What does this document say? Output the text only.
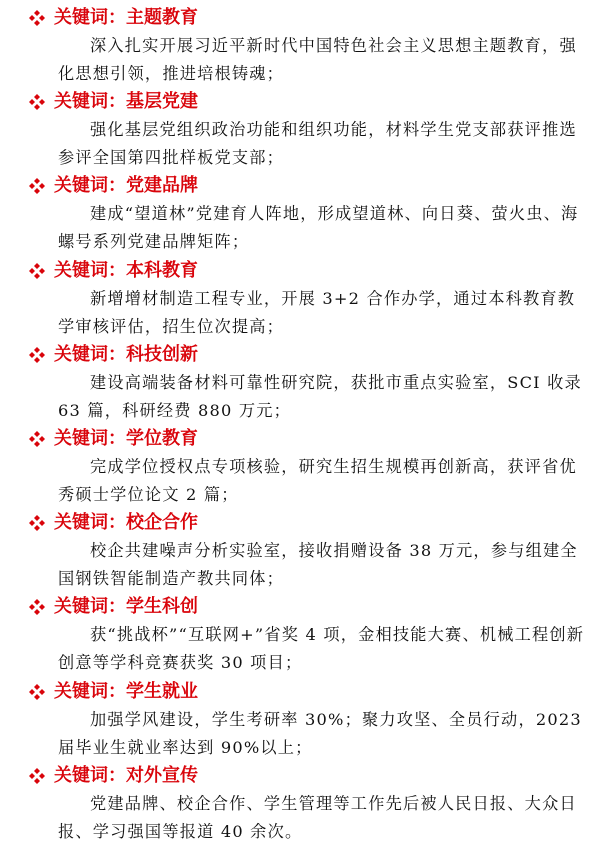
关键词： 主题教育
深入扎实开展习近平新时代中国特色社会主义思想主题教育，强化思想引领，推进培根铸魂；
关键词： 基层党建
强化基层党组织政治功能和组织功能，材料学生党支部获评推选参评全国第四批样板党支部；
关键词： 党建品牌
建成“望道林”党建育人阵地，形成望道林、向日葵、萤火虫、海螺号系列党建品牌矩阵；
关键词： 本科教育
新增增材制造工程专业，开展 3+2 合作办学，通过本科教育教学审核评估，招生位次提高；
关键词： 科技创新
建设高端装备材料可靠性研究院，获批市重点实验室，SCI 收录 63 篇，科研经费 880 万元；
关键词： 学位教育
完成学位授权点专项核验，研究生招生规模再创新高，获评省优秀硕士学位论文 2 篇；
关键词： 校企合作
校企共建噪声分析实验室，接收捐赠设备 38 万元，参与组建全国钢铁智能制造产教共同体；
关键词： 学生科创
获“挑战杯”“互联网+”省奖 4 项，金相技能大赛、机械工程创新创意等学科竞赛获奖 30 项目；
关键词： 学生就业
加强学风建设，学生考研率 30%；聚力攻坚、全员行动，2023 届毕业生就业率达到 90%以上；
关键词： 对外宣传
党建品牌、校企合作、学生管理等工作先后被人民日报、大众日报、学习强国等报道 40 余次。
